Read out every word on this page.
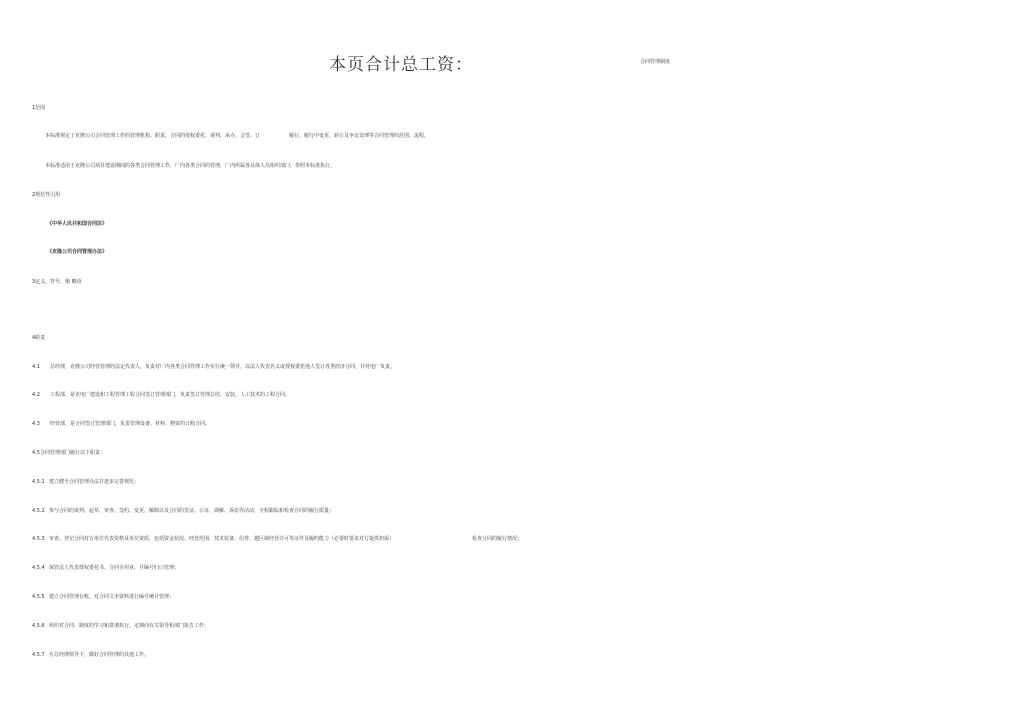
本页合计总工资：	合同管理制度
1范围
本标准规定了克隆公司合同管理工作的管理机构、职责、合同的授权委托、谈判、承办、会签、订	履行、履行中变更、转让及争议处理等合同管理的范围、流程，
本标准适用于克隆公司项目建设期间的各类合同管理工作，厂内各类合同的管理，厂内所属各具体人员组织部门、参照本标准执行。
2规范性引用
《中华人民共和国合同法》
《克隆公司合同管理办法》
3定义、符号、缩 略语
4职责
4.1 总经理，克隆公司经营管理的法定代表人，负责对厂内各类合同管理工作实行统一领导，以法人代表名义或授权委托他人签订各类经济合同，并对电厂负责。
4.2 工程部，是克电厂建设和工程管理工程合同签订管理部门，负责签订管理总结、安装、人工技术的工程合同。
4.3 经营部，是合同签订管理部门，负责管理设备、材料、物资的订购合同。
4.5合同管理部门履行以下职责：
4.5.1 建立健全合同管理办法并逐步完善规范；
4.5.2 参与合同的谈判、起草、审查、签约、变更、解除以及合同的签证、公证、调解、诉讼等活动，全程跟踪和检查合同的履行质量；
4.5.3 审查、登记合同对方单位代表资格及单位资质，包括资金状况、经营范围、技术装备、信誉、越区域经营许可等证件及履约能力（必要时要求对方提供担保）	检查合同的履行情况；
4.5.4 保管法人代表授权委托书、合同专用章，并编号归口管理；
4.5.5 建立合同管理台账，对合同文本资料进行编号统计管理；
4.5.6 组织对合同、制度的学习和贯彻执行，定期向有关领导和部门报告工作；
4.5.7 在总经理领导下，做好合同管理的其他工作。
